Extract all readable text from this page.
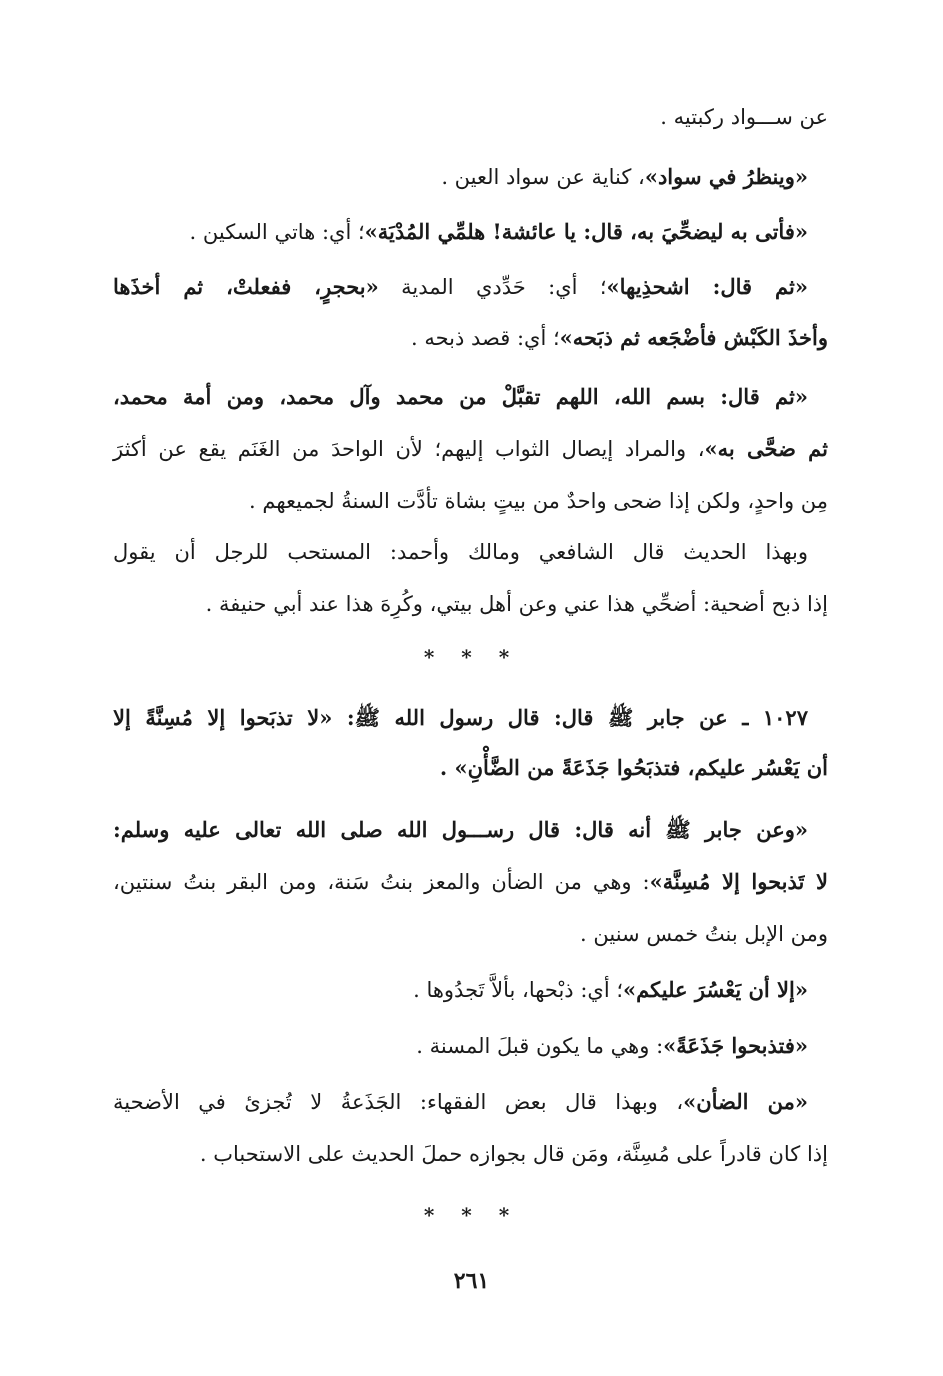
عن ســـواد ركبتيه .
«وينظرُ في سواد»، كناية عن سواد العين .
«فأتى به ليضحِّيَ به، قال: يا عائشة! هلمِّي المُدْيَة»؛ أي: هاتي السكين .
«ثم قال: اشحذِيها»؛ أي: حَدِّدي المدية «بحجرٍ، ففعلتْ، ثم أخذَها
وأخذَ الكَبْش فأضْجَعه ثم ذبَحه»؛ أي: قصد ذبحه .
«ثم قال: بسم الله، اللهم تقبَّلْ من محمد وآل محمد، ومن أمة محمد،
ثم ضحَّى به»، والمراد إيصال الثواب إليهم؛ لأن الواحدَ من الغَنَم يقع عن أكثرَ
مِن واحدٍ، ولكن إذا ضحى واحدٌ من بيتٍ بشاة تأدَّت السنةُ لجميعهم .
وبهذا الحديث قال الشافعي ومالك وأحمد: المستحب للرجل أن يقول
إذا ذبح أضحية: أضحِّي هذا عني وعن أهل بيتي، وكُرِهَ هذا عند أبي حنيفة .
* * *
١٠٢٧ ـ عن جابر ﷺ قال: قال رسول الله ﷺ: «لا تذبَحوا إلا مُسِنَّةً إلا
أن يَعْسُر عليكم، فتذبَحُوا جَذَعَةً من الضَّأْنِ» .
«وعن جابر ﷺ أنه قال: قال رســـول الله صلى الله تعالى عليه وسلم:
لا تَذبحوا إلا مُسِنَّة»: وهي من الضأن والمعز بنتُ سَنة، ومن البقر بنتُ سنتين،
ومن الإبل بنتُ خمس سنين .
«إلا أن يَعْسُرَ عليكم»؛ أي: ذبْحها، بألاَّ تَجدُوها .
«فتذبحوا جَذَعَةً»: وهي ما يكون قبلَ المسنة .
«من الضأن»، وبهذا قال بعض الفقهاء: الجَذَعةُ لا تُجزئ في الأضحية
إذا كان قادراً على مُسِنَّة، ومَن قال بجوازه حملَ الحديث على الاستحباب .
* * *
٢٦١
